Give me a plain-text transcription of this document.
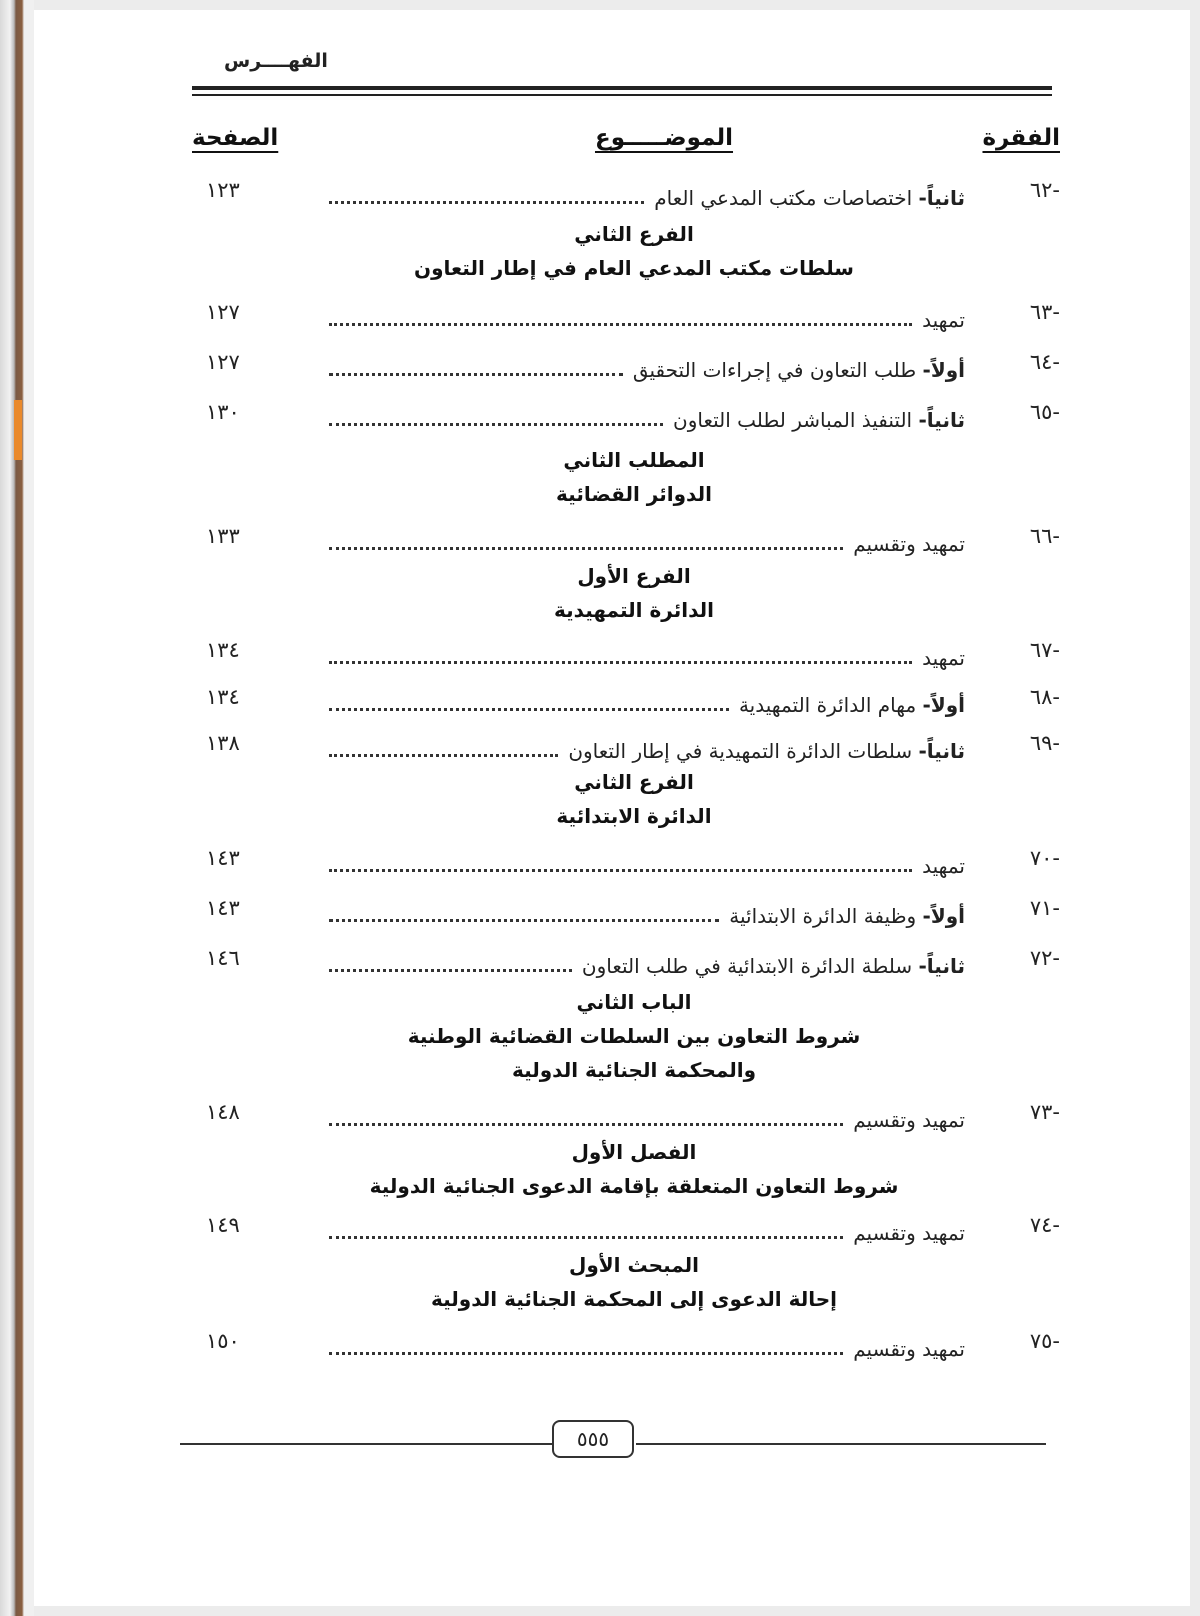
الفهــــرس
الفقرة
الموضـــــوع
الصفحة
٦٢-
ثانياً-

اختصاصات مكتب المدعي العام
١٢٣
الفرع الثاني
سلطات مكتب المدعي العام في إطار التعاون
٦٣-
تمهيد
١٢٧
٦٤-
أولاً-

طلب التعاون في إجراءات التحقيق
١٢٧
٦٥-
ثانياً-

التنفيذ المباشر لطلب التعاون
١٣٠
المطلب الثاني
الدوائر القضائية
٦٦-
تمهيد وتقسيم
١٣٣
الفرع الأول
الدائرة التمهيدية
٦٧-
تمهيد
١٣٤
٦٨-
أولاً-

مهام الدائرة التمهيدية
١٣٤
٦٩-
ثانياً-

سلطات الدائرة التمهيدية في إطار التعاون
١٣٨
الفرع الثاني
الدائرة الابتدائية
٧٠-
تمهيد
١٤٣
٧١-
أولاً-

وظيفة الدائرة الابتدائية
١٤٣
٧٢-
ثانياً-

سلطة الدائرة الابتدائية في طلب التعاون
١٤٦
الباب الثاني
شروط التعاون بين السلطات القضائية الوطنية
والمحكمة الجنائية الدولية
٧٣-
تمهيد وتقسيم
١٤٨
الفصل الأول
شروط التعاون المتعلقة بإقامة الدعوى الجنائية الدولية
٧٤-
تمهيد وتقسيم
١٤٩
المبحث الأول
إحالة الدعوى إلى المحكمة الجنائية الدولية
٧٥-
تمهيد وتقسيم
١٥٠
٥٥٥
